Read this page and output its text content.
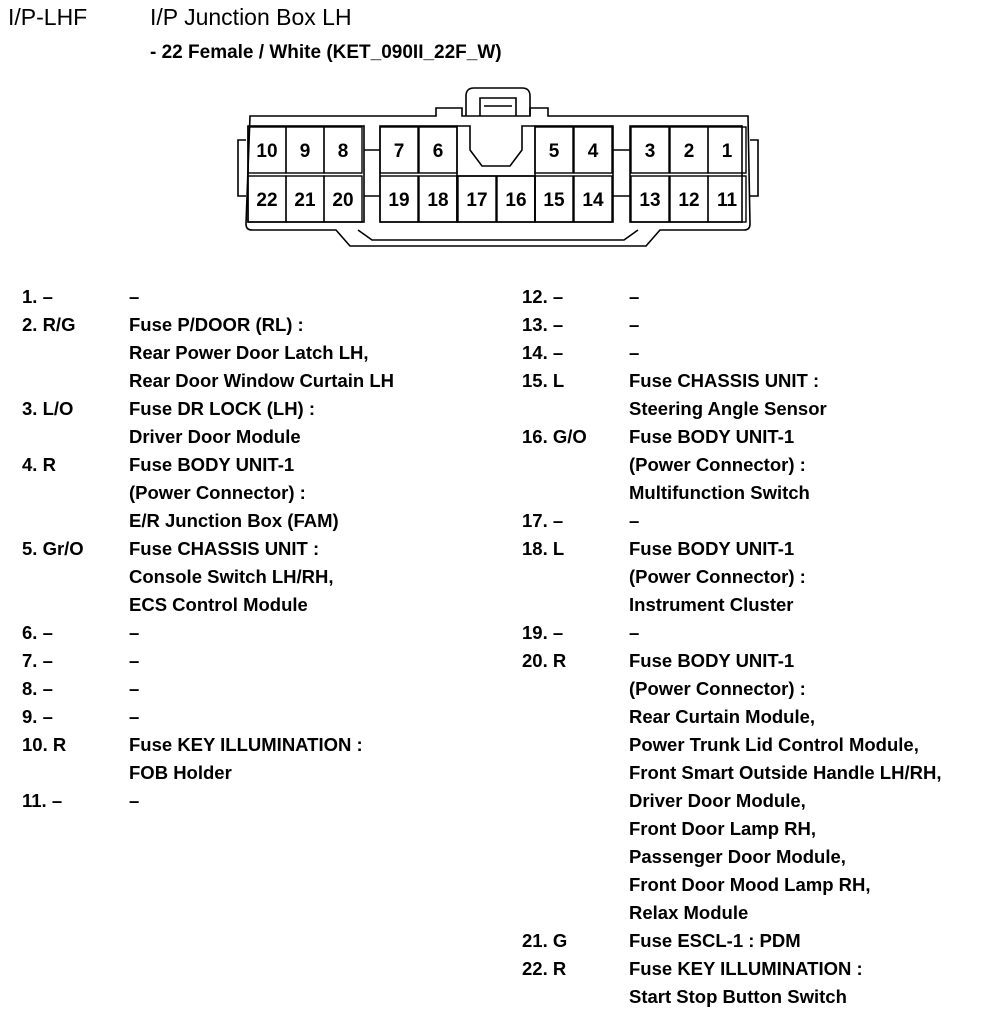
I/P-LHF	I/P Junction Box LH
- 22 Female / White (KET_090II_22F_W)
10 9 8 7 6	5 4 3 2 1
22 21 20 19 18 17 16 15 14 13 12 11
1. –	–
2. R/G	Fuse P/DOOR (RL) :
Rear Power Door Latch LH,
Rear Door Window Curtain LH
3. L/O	Fuse DR LOCK (LH) :
Driver Door Module
4. R	Fuse BODY UNIT-1
(Power Connector) :
E/R Junction Box (FAM)
5. Gr/O	Fuse CHASSIS UNIT :
Console Switch LH/RH,
ECS Control Module
6. –	–
7. –	–
8. –	–
9. –	–
10. R	Fuse KEY ILLUMINATION :
FOB Holder
11. –	–
12. –	–
13. –	–
14. –	–
15. L	Fuse CHASSIS UNIT :
Steering Angle Sensor
16. G/O	Fuse BODY UNIT-1
(Power Connector) :
Multifunction Switch
17. –	–
18. L	Fuse BODY UNIT-1
(Power Connector) :
Instrument Cluster
19. –	–
20. R	Fuse BODY UNIT-1
(Power Connector) :
Rear Curtain Module,
Power Trunk Lid Control Module,
Front Smart Outside Handle LH/RH,
Driver Door Module,
Front Door Lamp RH,
Passenger Door Module,
Front Door Mood Lamp RH,
Relax Module
21. G	Fuse ESCL-1 : PDM
22. R	Fuse KEY ILLUMINATION :
Start Stop Button Switch
